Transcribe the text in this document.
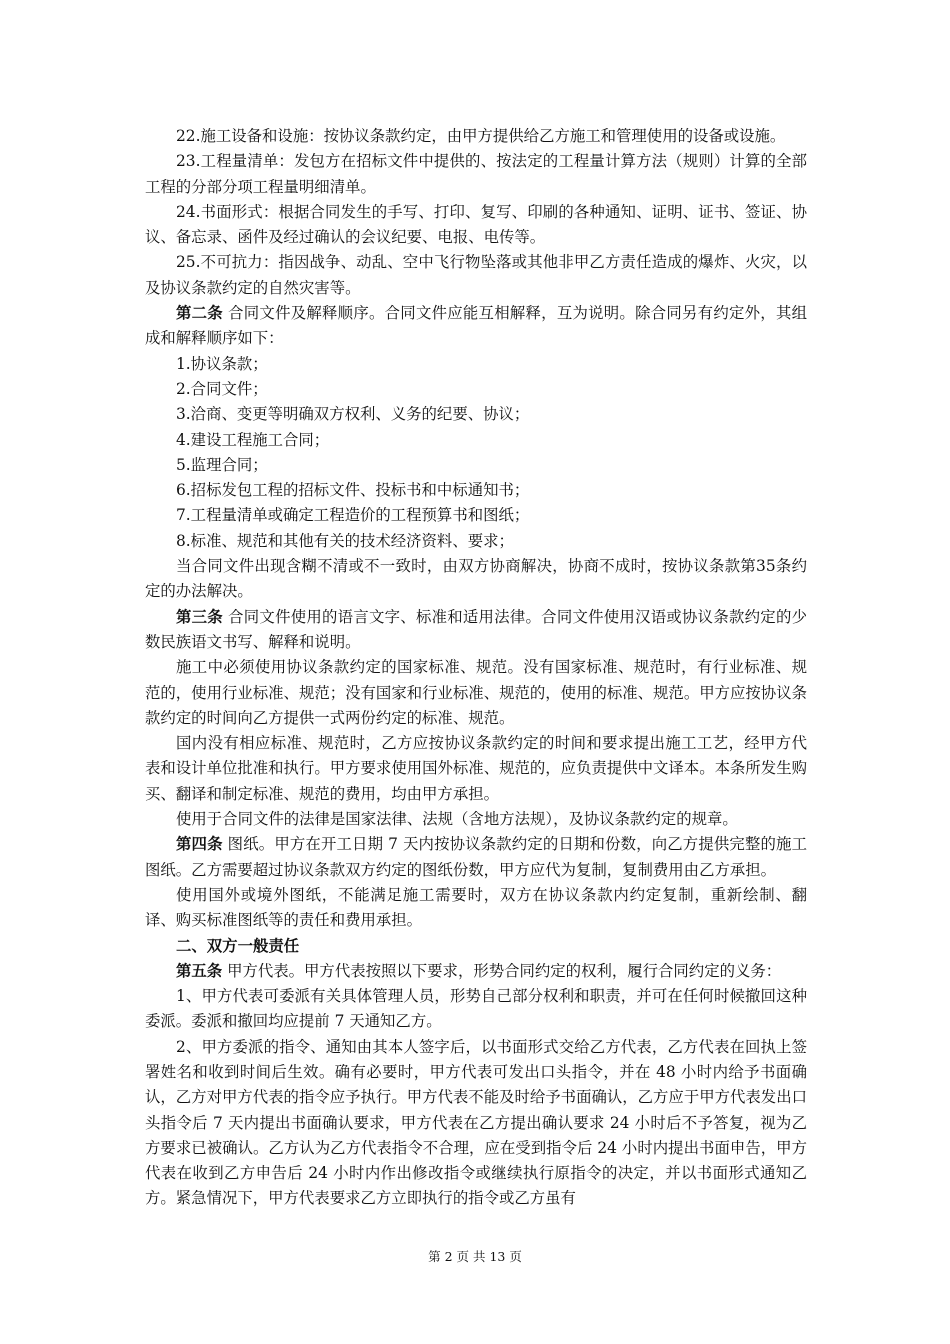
22.施工设备和设施：按协议条款约定，由甲方提供给乙方施工和管理使用的设备或设施。

23.工程量清单：发包方在招标文件中提供的、按法定的工程量计算方法（规则）计算的全部工程的分部分项工程量明细清单。

24.书面形式：根据合同发生的手写、打印、复写、印刷的各种通知、证明、证书、签证、协议、备忘录、函件及经过确认的会议纪要、电报、电传等。

25.不可抗力：指因战争、动乱、空中飞行物坠落或其他非甲乙方责任造成的爆炸、火灾，以及协议条款约定的自然灾害等。

第二条 合同文件及解释顺序。合同文件应能互相解释，互为说明。除合同另有约定外，其组成和解释顺序如下：

1.协议条款；

2.合同文件；

3.洽商、变更等明确双方权利、义务的纪要、协议；

4.建设工程施工合同；

5.监理合同；

6.招标发包工程的招标文件、投标书和中标通知书；

7.工程量清单或确定工程造价的工程预算书和图纸；

8.标准、规范和其他有关的技术经济资料、要求；

当合同文件出现含糊不清或不一致时，由双方协商解决，协商不成时，按协议条款第35条约定的办法解决。

第三条 合同文件使用的语言文字、标准和适用法律。合同文件使用汉语或协议条款约定的少数民族语文书写、解释和说明。

施工中必须使用协议条款约定的国家标准、规范。没有国家标准、规范时，有行业标准、规范的，使用行业标准、规范；没有国家和行业标准、规范的，使用的标准、规范。甲方应按协议条款约定的时间向乙方提供一式两份约定的标准、规范。

国内没有相应标准、规范时，乙方应按协议条款约定的时间和要求提出施工工艺，经甲方代表和设计单位批准和执行。甲方要求使用国外标准、规范的，应负责提供中文译本。本条所发生购买、翻译和制定标准、规范的费用，均由甲方承担。

使用于合同文件的法律是国家法律、法规（含地方法规），及协议条款约定的规章。

第四条 图纸。甲方在开工日期 7 天内按协议条款约定的日期和份数，向乙方提供完整的施工图纸。乙方需要超过协议条款双方约定的图纸份数，甲方应代为复制，复制费用由乙方承担。

使用国外或境外图纸，不能满足施工需要时，双方在协议条款内约定复制，重新绘制、翻译、购买标准图纸等的责任和费用承担。

二、双方一般责任

第五条 甲方代表。甲方代表按照以下要求，形势合同约定的权利，履行合同约定的义务：

1、甲方代表可委派有关具体管理人员，形势自己部分权利和职责，并可在任何时候撤回这种委派。委派和撤回均应提前 7 天通知乙方。

2、甲方委派的指令、通知由其本人签字后，以书面形式交给乙方代表，乙方代表在回执上签署姓名和收到时间后生效。确有必要时，甲方代表可发出口头指令，并在 48 小时内给予书面确认，乙方对甲方代表的指令应予执行。甲方代表不能及时给予书面确认，乙方应于甲方代表发出口头指令后 7 天内提出书面确认要求，甲方代表在乙方提出确认要求 24 小时后不予答复，视为乙方要求已被确认。乙方认为乙方代表指令不合理，应在受到指令后 24 小时内提出书面申告，甲方代表在收到乙方申告后 24 小时内作出修改指令或继续执行原指令的决定，并以书面形式通知乙方。紧急情况下，甲方代表要求乙方立即执行的指令或乙方虽有

第 2 页 共 13 页
